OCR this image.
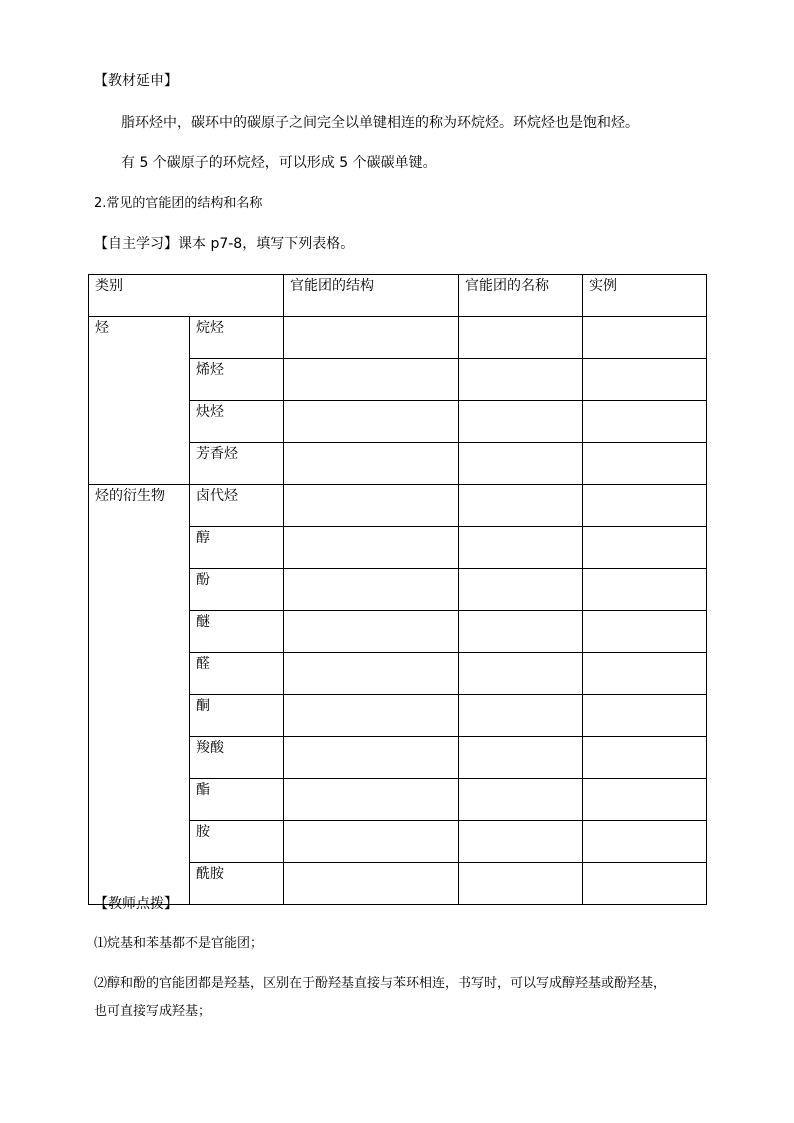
【教材延申】
脂环烃中，碳环中的碳原子之间完全以单键相连的称为环烷烃。环烷烃也是饱和烃。
有 5 个碳原子的环烷烃，可以形成 5 个碳碳单键。
2.常见的官能团的结构和名称
【自主学习】课本 p7-8，填写下列表格。
类别		官能团的结构	官能团的名称	实例
烃	烷烃			
	烯烃			
	炔烃			
	芳香烃			
烃的衍生物	卤代烃			
	醇			
	酚			
	醚			
	醛			
	酮			
	羧酸			
	酯			
	胺			
	酰胺			
【教师点拨】
⑴烷基和苯基都不是官能团；
⑵醇和酚的官能团都是羟基，区别在于酚羟基直接与苯环相连，书写时，可以写成醇羟基或酚羟基，
也可直接写成羟基；
